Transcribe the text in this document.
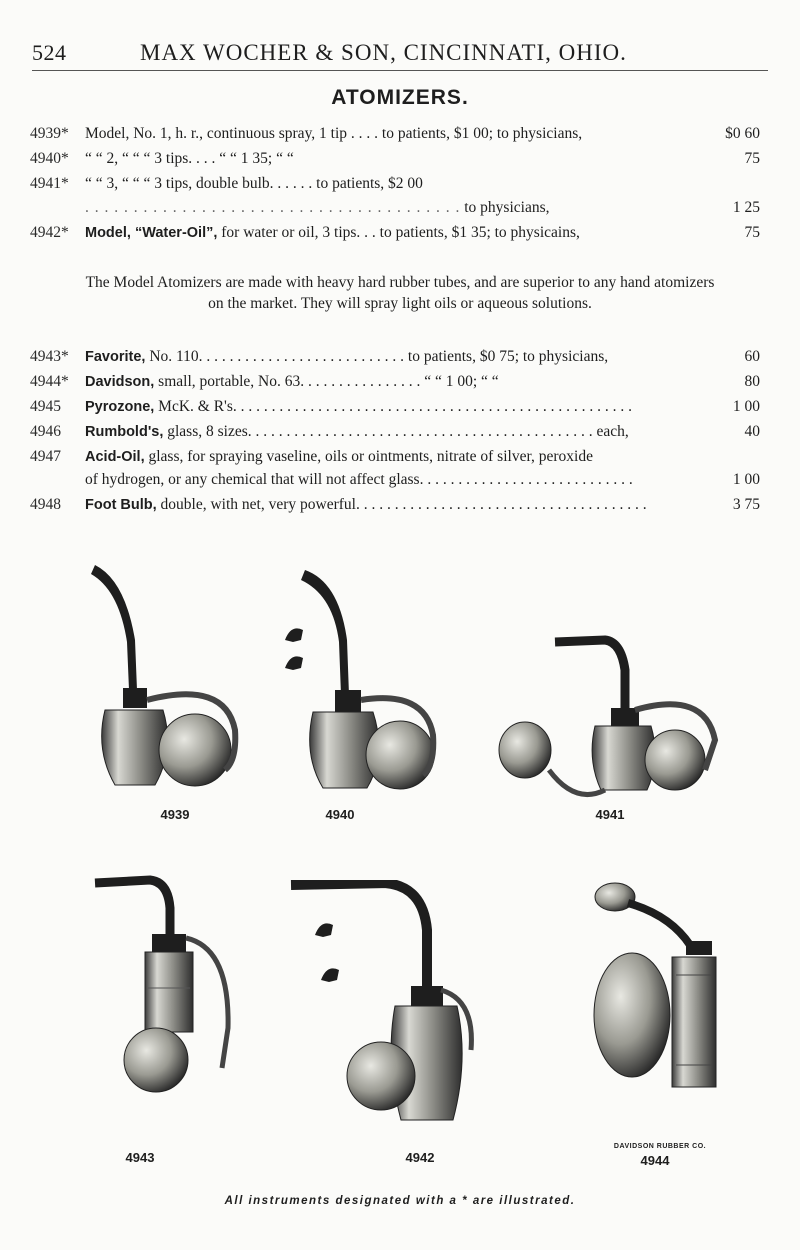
524	MAX WOCHER & SON, CINCINNATI, OHIO.
ATOMIZERS.
4939*	Model, No. 1, h. r., continuous spray, 1 tip . . . . to patients, $1 00; to physicians,	$0 60
4940*	“ “ 2, “ “ “ 3 tips. . . . “ “ 1 35; “ “	75
4941*	“ “ 3, “ “ “ 3 tips, double bulb. . . . . . to patients, $2 00
. . . . . . . . . . . . . . . . . . . . . . . . . . . . . . . . . . . . . . . to physicians,	1 25
4942*	Model, “Water-Oil”, for water or oil, 3 tips. . . to patients, $1 35; to physicains,	75
The Model Atomizers are made with heavy hard rubber tubes, and are superior to any hand atomizers on the market. They will spray light oils or aqueous solutions.
4943*	Favorite, No. 110. . . . . . . . . . . . . . . . . . . . . . . . . . . to patients, $0 75; to physicians,	60
4944*	Davidson, small, portable, No. 63. . . . . . . . . . . . . . . . “ “ 1 00; “ “	80
4945	Pyrozone, McK. & R's. . . . . . . . . . . . . . . . . . . . . . . . . . . . . . . . . . . . . . . . . . . . . . . . . . . .	1 00
4946	Rumbold's, glass, 8 sizes. . . . . . . . . . . . . . . . . . . . . . . . . . . . . . . . . . . . . . . . . . . . . each,	40
4947	Acid-Oil, glass, for spraying vaseline, oils or ointments, nitrate of silver, peroxide
of hydrogen, or any chemical that will not affect glass. . . . . . . . . . . . . . . . . . . . . . . . . . . .	1 00
4948	Foot Bulb, double, with net, very powerful. . . . . . . . . . . . . . . . . . . . . . . . . . . . . . . . . . . . . .	3 75
4939	4940	4941
4943	4942
DAVIDSON RUBBER CO.
4944
All instruments designated with a * are illustrated.
